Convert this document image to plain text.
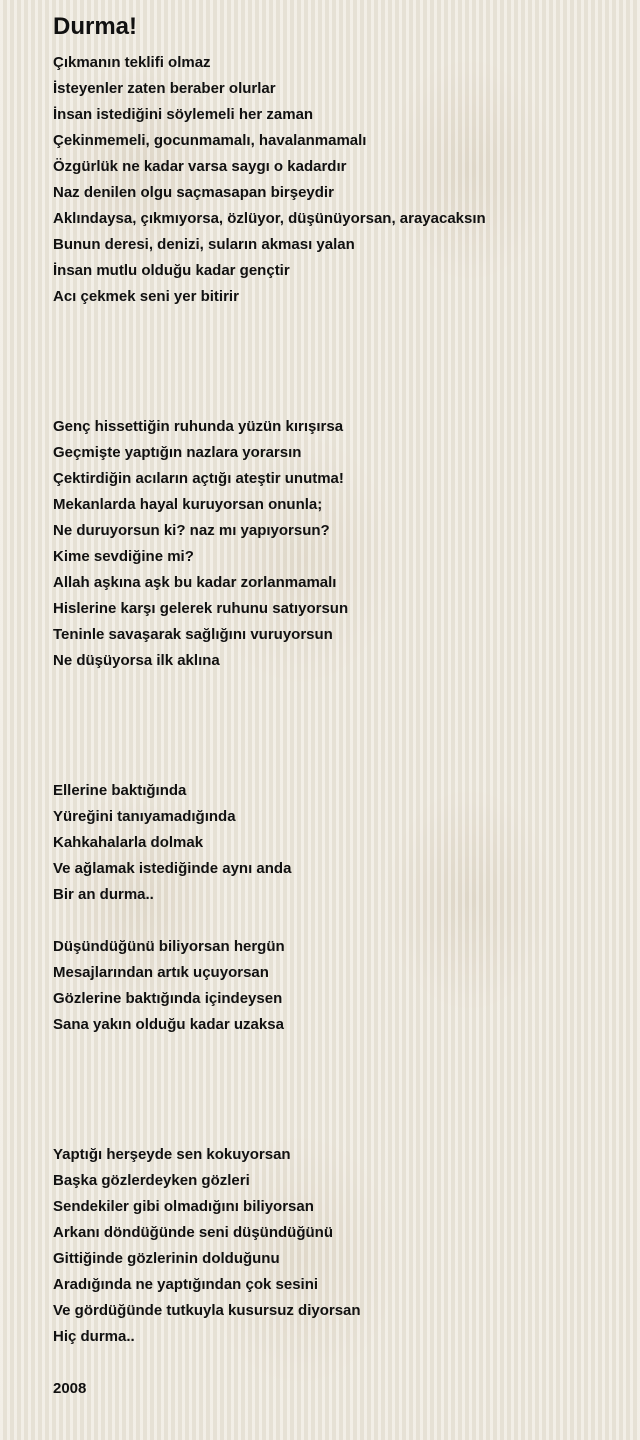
Durma!
Çıkmanın teklifi olmaz
İsteyenler zaten beraber olurlar
İnsan istediğini söylemeli her zaman
Çekinmemeli, gocunmamalı, havalanmamalı
Özgürlük ne kadar varsa saygı o kadardır
Naz denilen olgu saçmasapan birşeydir
Aklındaysa, çıkmıyorsa, özlüyor, düşünüyorsan, arayacaksın
Bunun deresi, denizi, suların akması yalan
İnsan mutlu olduğu kadar gençtir
Acı çekmek seni yer bitirir
Genç hissettiğin ruhunda yüzün kırışırsa
Geçmişte yaptığın nazlara yorarsın
Çektirdiğin acıların açtığı ateştir unutma!
Mekanlarda hayal kuruyorsan onunla;
Ne duruyorsun ki? naz mı yapıyorsun?
Kime sevdiğine mi?
Allah aşkına aşk bu kadar zorlanmamalı
Hislerine karşı gelerek ruhunu satıyorsun
Teninle savaşarak sağlığını vuruyorsun
Ne düşüyorsa ilk aklına
Ellerine baktığında
Yüreğini tanıyamadığında
Kahkahalarla dolmak
Ve ağlamak istediğinde aynı anda
Bir an durma..
Düşündüğünü biliyorsan hergün
Mesajlarından artık uçuyorsan
Gözlerine baktığında içindeysen
Sana yakın olduğu kadar uzaksa
Yaptığı herşeyde sen kokuyorsan
Başka gözlerdeyken gözleri
Sendekiler gibi olmadığını biliyorsan
Arkanı döndüğünde seni düşündüğünü
Gittiğinde gözlerinin dolduğunu
Aradığında ne yaptığından çok sesini
Ve gördüğünde tutkuyla kusursuz diyorsan
Hiç durma..
2008
